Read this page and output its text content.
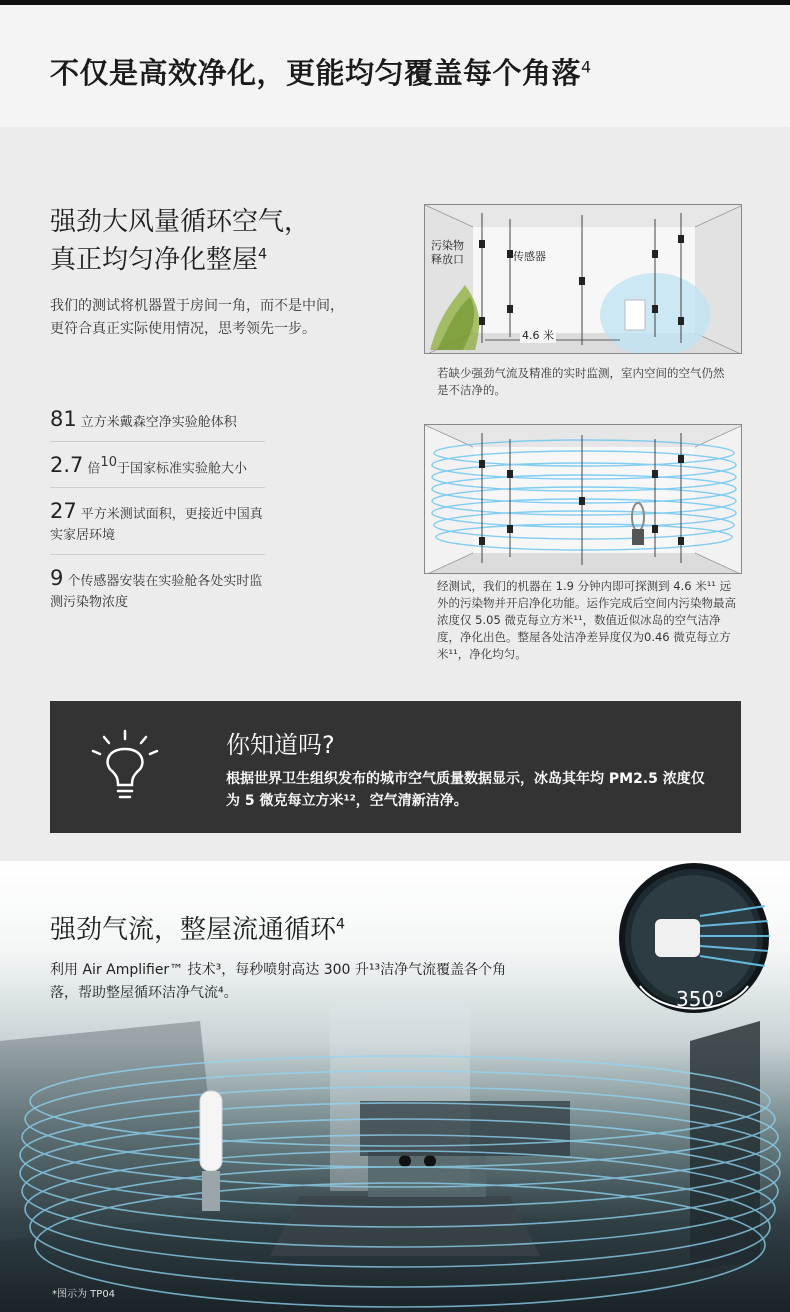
不仅是高效净化，更能均匀覆盖每个角落$^4$
强劲大风量循环空气，
真正均匀净化整屋$^4$

我们的测试将机器置于房间一角，而不是中间，更符合真正实际使用情况，思考领先一步。

81 立方米戴森空净实验舱体积
2.7 倍$^{10}$于国家标准实验舱大小
27 平方米测试面积，更接近中国真实家居环境
9 个传感器安装在实验舱各处实时监测污染物浓度
污染物
释放口	传感器
4.6 米

若缺少强劲气流及精准的实时监测，室内空间的空气仍然是不洁净的。

经测试，我们的机器在 1.9 分钟内即可探测到 4.6 米¹¹ 远外的污染物并开启净化功能。运作完成后空间内污染物最高浓度仅 5.05 微克每立方米¹¹，数值近似冰岛的空气洁净度，净化出色。整屋各处洁净差异度仅为0.46 微克每立方米¹¹，净化均匀。

你知道吗?

根据世界卫生组织发布的城市空气质量数据显示，冰岛其年均 PM2.5 浓度仅为 5 微克每立方米¹²，空气清新洁净。

强劲气流，整屋流通循环$^4$

利用 Air Amplifier™ 技术³，每秒喷射高达 300 升¹³洁净气流覆盖各个角落，帮助整屋循环洁净气流⁴。	350°
*图示为 TP04
